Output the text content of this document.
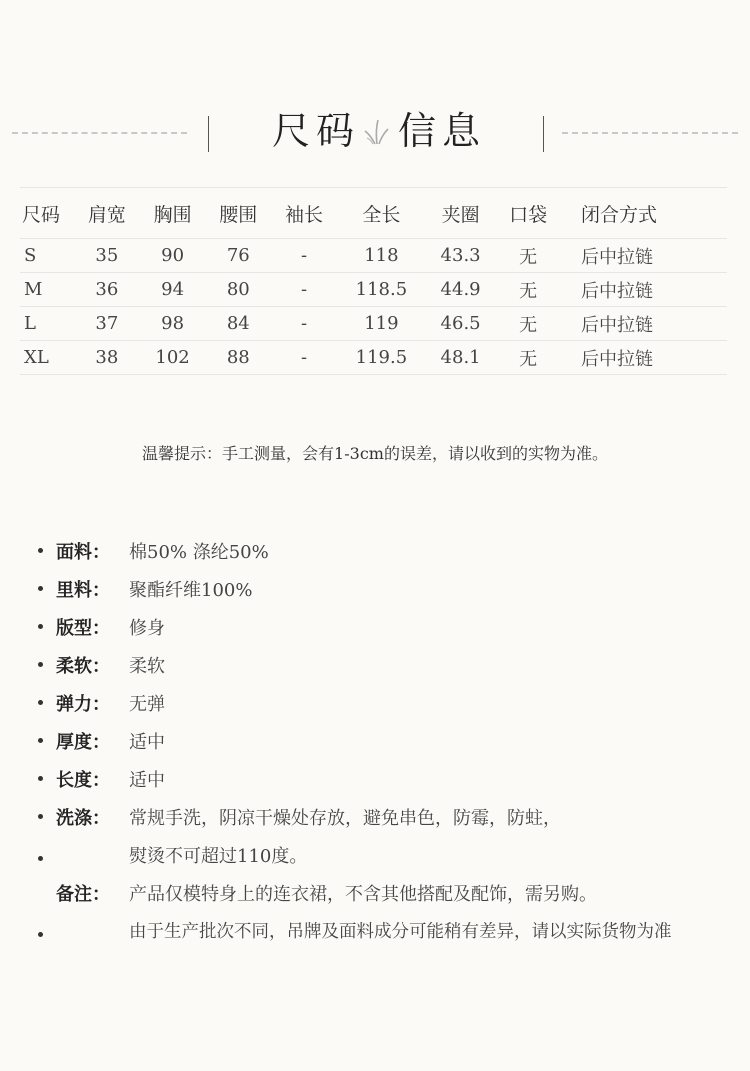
尺码 信息
尺码	肩宽	胸围	腰围	袖长	全长	夹圈	口袋	闭合方式
S	35	90	76	-	118	43.3	无	后中拉链
M	36	94	80	-	118.5	44.9	无	后中拉链
L	37	98	84	-	119	46.5	无	后中拉链
XL	38	102	88	-	119.5	48.1	无	后中拉链
温馨提示：手工测量，会有1-3cm的误差，请以收到的实物为准。
面料： 棉50% 涤纶50%
里料： 聚酯纤维100%
版型： 修身
柔软： 柔软
弹力： 无弹
厚度： 适中
长度： 适中
洗涤： 常规手洗，阴凉干燥处存放，避免串色，防霉，防蛀，
熨烫不可超过110度。
备注： 产品仅模特身上的连衣裙，不含其他搭配及配饰，需另购。
由于生产批次不同，吊牌及面料成分可能稍有差异，请以实际货物为准
